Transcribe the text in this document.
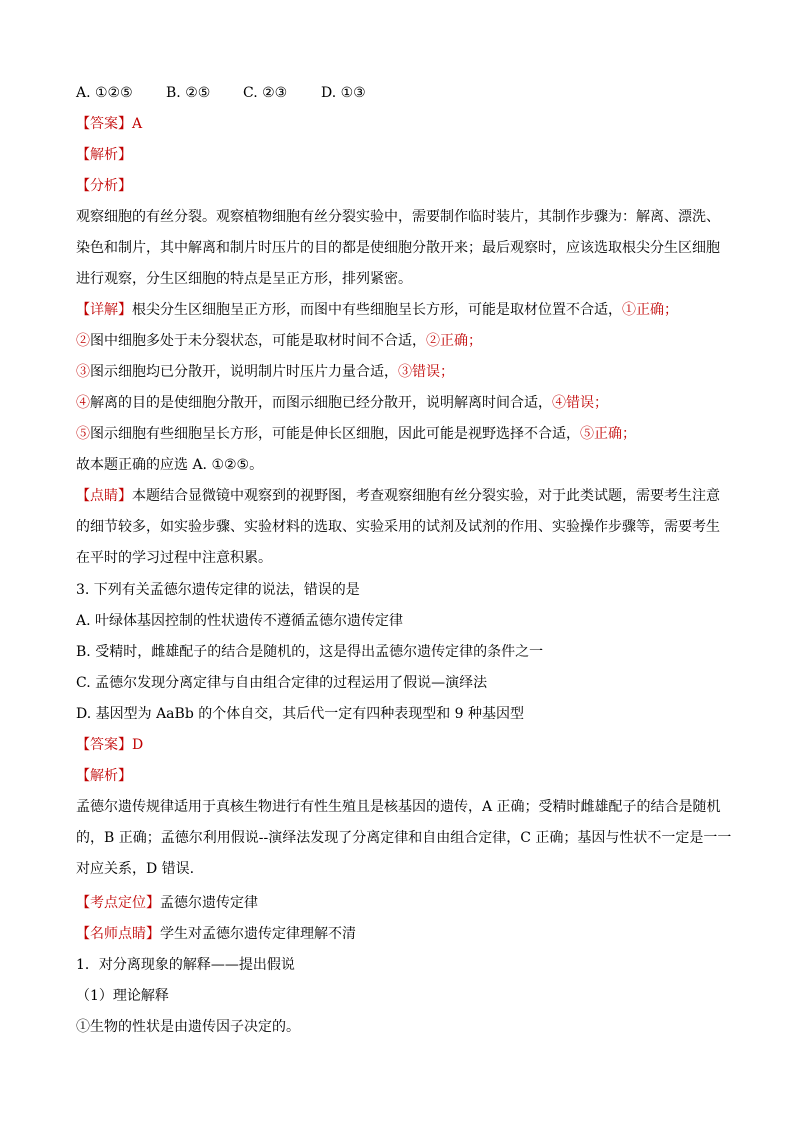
A. ①②⑤ B. ②⑤ C. ②③ D. ①③
【答案】A
【解析】
【分析】
观察细胞的有丝分裂。观察植物细胞有丝分裂实验中，需要制作临时装片，其制作步骤为：解离、漂洗、
染色和制片，其中解离和制片时压片的目的都是使细胞分散开来；最后观察时，应该选取根尖分生区细胞
进行观察，分生区细胞的特点是呈正方形，排列紧密。
【详解】根尖分生区细胞呈正方形，而图中有些细胞呈长方形，可能是取材位置不合适，①正确；
②图中细胞多处于未分裂状态，可能是取材时间不合适，②正确；
③图示细胞均已分散开，说明制片时压片力量合适，③错误；
④解离的目的是使细胞分散开，而图示细胞已经分散开，说明解离时间合适，④错误；
⑤图示细胞有些细胞呈长方形，可能是伸长区细胞，因此可能是视野选择不合适，⑤正确；
故本题正确的应选 A. ①②⑤。
【点睛】本题结合显微镜中观察到的视野图，考查观察细胞有丝分裂实验，对于此类试题，需要考生注意
的细节较多，如实验步骤、实验材料的选取、实验采用的试剂及试剂的作用、实验操作步骤等，需要考生
在平时的学习过程中注意积累。
3. 下列有关孟德尔遗传定律的说法，错误的是
A. 叶绿体基因控制的性状遗传不遵循孟德尔遗传定律
B. 受精时，雌雄配子的结合是随机的，这是得出孟德尔遗传定律的条件之一
C. 孟德尔发现分离定律与自由组合定律的过程运用了假说—演绎法
D. 基因型为 AaBb 的个体自交，其后代一定有四种表现型和 9 种基因型
【答案】D
【解析】
孟德尔遗传规律适用于真核生物进行有性生殖且是核基因的遗传，A 正确；受精时雌雄配子的结合是随机
的，B 正确；孟德尔利用假说--演绎法发现了分离定律和自由组合定律，C 正确；基因与性状不一定是一一
对应关系，D 错误.
【考点定位】孟德尔遗传定律
【名师点睛】学生对孟德尔遗传定律理解不清
1．对分离现象的解释——提出假说
（1）理论解释
①生物的性状是由遗传因子决定的。
